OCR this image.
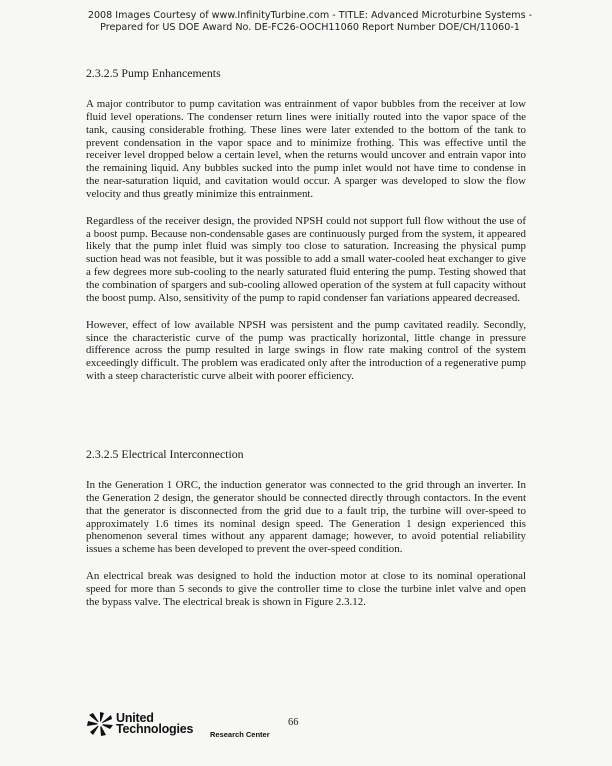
2008 Images Courtesy of www.InfinityTurbine.com - TITLE: Advanced Microturbine Systems -
Prepared for US DOE Award No. DE-FC26-OOCH11060 Report Number DOE/CH/11060-1
2.3.2.5 Pump Enhancements

A major contributor to pump cavitation was entrainment of vapor bubbles from the receiver at low fluid level operations. The condenser return lines were initially routed into the vapor space of the tank, causing considerable frothing. These lines were later extended to the bottom of the tank to prevent condensation in the vapor space and to minimize frothing. This was effective until the receiver level dropped below a certain level, when the returns would uncover and entrain vapor into the remaining liquid. Any bubbles sucked into the pump inlet would not have time to condense in the near-saturation liquid, and cavitation would occur. A sparger was developed to slow the flow velocity and thus greatly minimize this entrainment.

Regardless of the receiver design, the provided NPSH could not support full flow without the use of a boost pump. Because non-condensable gases are continuously purged from the system, it appeared likely that the pump inlet fluid was simply too close to saturation. Increasing the physical pump suction head was not feasible, but it was possible to add a small water-cooled heat exchanger to give a few degrees more sub-cooling to the nearly saturated fluid entering the pump. Testing showed that the combination of spargers and sub-cooling allowed operation of the system at full capacity without the boost pump. Also, sensitivity of the pump to rapid condenser fan variations appeared decreased.

However, effect of low available NPSH was persistent and the pump cavitated readily. Secondly, since the characteristic curve of the pump was practically horizontal, little change in pressure difference across the pump resulted in large swings in flow rate making control of the system exceedingly difficult. The problem was eradicated only after the introduction of a regenerative pump with a steep characteristic curve albeit with poorer efficiency.

2.3.2.5 Electrical Interconnection

In the Generation 1 ORC, the induction generator was connected to the grid through an inverter. In the Generation 2 design, the generator should be connected directly through contactors. In the event that the generator is disconnected from the grid due to a fault trip, the turbine will over-speed to approximately 1.6 times its nominal design speed. The Generation 1 design experienced this phenomenon several times without any apparent damage; however, to avoid potential reliability issues a scheme has been developed to prevent the over-speed condition.

An electrical break was designed to hold the induction motor at close to its nominal operational speed for more than 5 seconds to give the controller time to close the turbine inlet valve and open the bypass valve. The electrical break is shown in Figure 2.3.12.

United
Technologies Research Center
66
